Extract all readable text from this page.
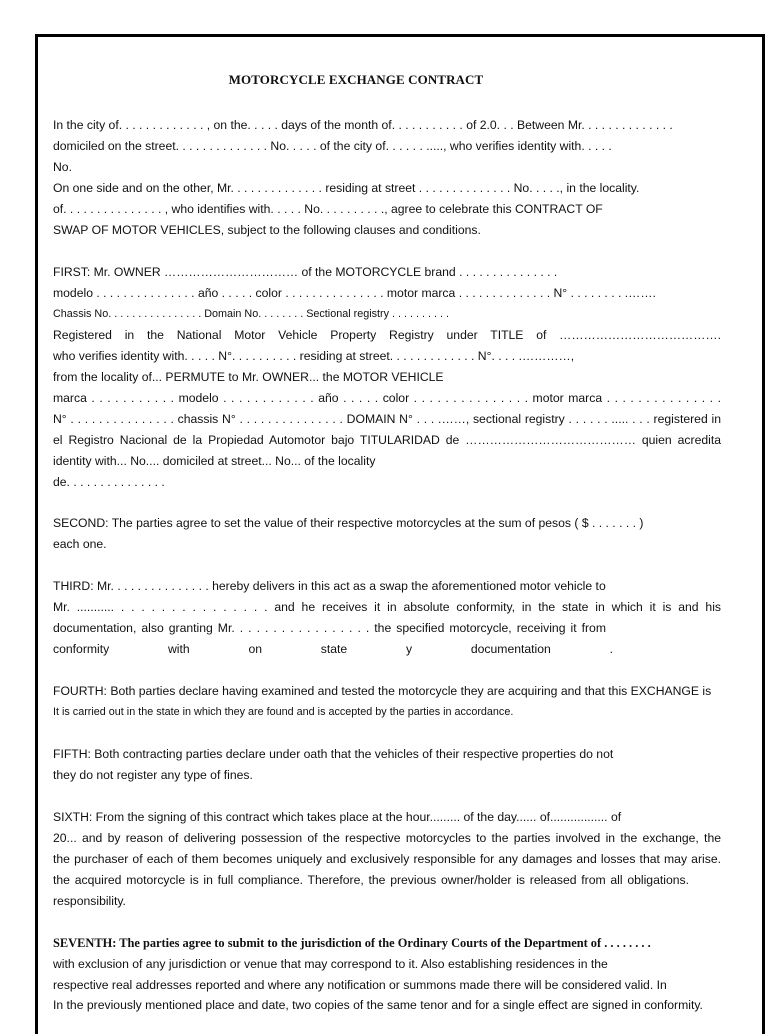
MOTORCYCLE EXCHANGE CONTRACT
In the city of. . . . . . . . . . . . . , on the. . . . . days of the month of. . . . . . . . . . . of 2.0. . . Between Mr. . . . . . . . . . . . . .
domiciled on the street. . . . . . . . . . . . . . No. . . . . of the city of. . . . . . ....., who verifies identity with. . . . .
No.
On one side and on the other, Mr. . . . . . . . . . . . . . residing at street . . . . . . . . . . . . . . No. . . . ., in the locality.
of. . . . . . . . . . . . . . . , who identifies with. . . . . No. . . . . . . . . ., agree to celebrate this CONTRACT OF
SWAP OF MOTOR VEHICLES, subject to the following clauses and conditions.
FIRST: Mr. OWNER …………………………… of the MOTORCYCLE brand . . . . . . . . . . . . . . .
modelo . . . . . . . . . . . . . . . año . . . . . color . . . . . . . . . . . . . . . motor marca . . . . . . . . . . . . . . N° . . . . . . . . .…….
Chassis No. . . . . . . . . . . . . . . . Domain No. . . . . . . . Sectional registry . . . . . . . . . .
Registered in the National Motor Vehicle Property Registry under TITLE of ………………………………….
who verifies identity with. . . . . N°. . . . . . . . . . residing at street. . . . . . . . . . . . . N°. . . . .…………,
from the locality of... PERMUTE to Mr. OWNER... the MOTOR VEHICLE
marca . . . . . . . . . . . modelo . . . . . . . . . . . . año . . . . . color . . . . . . . . . . . . . . . motor marca . . . . . . . . . . . . . . .
N° . . . . . . . . . . . . . . . chassis N° . . . . . . . . . . . . . . . DOMAIN N° . . . .……, sectional registry . . . . . . ..... . . . registered in
el Registro Nacional de la Propiedad Automotor bajo TITULARIDAD de …………………………………… quien acredita
identity with... No.... domiciled at street... No... of the locality
de. . . . . . . . . . . . . . .
SECOND: The parties agree to set the value of their respective motorcycles at the sum of pesos ( $ . . . . . . . )
each one.
THIRD: Mr. . . . . . . . . . . . . . . hereby delivers in this act as a swap the aforementioned motor vehicle to
Mr. ........... . . . . . . . . . . . . . . . and he receives it in absolute conformity, in the state in which it is and his
documentation, also granting Mr. . . . . . . . . . . . . . . . . the specified motorcycle, receiving it from
conformity with on state y documentation .
FOURTH: Both parties declare having examined and tested the motorcycle they are acquiring and that this EXCHANGE is
It is carried out in the state in which they are found and is accepted by the parties in accordance.
FIFTH: Both contracting parties declare under oath that the vehicles of their respective properties do not
they do not register any type of fines.
SIXTH: From the signing of this contract which takes place at the hour......... of the day...... of................. of
20... and by reason of delivering possession of the respective motorcycles to the parties involved in the exchange, the
the purchaser of each of them becomes uniquely and exclusively responsible for any damages and losses that may arise.
the acquired motorcycle is in full compliance. Therefore, the previous owner/holder is released from all obligations.
responsibility.
SEVENTH: The parties agree to submit to the jurisdiction of the Ordinary Courts of the Department of . . . . . . . .
with exclusion of any jurisdiction or venue that may correspond to it. Also establishing residences in the
respective real addresses reported and where any notification or summons made there will be considered valid. In
In the previously mentioned place and date, two copies of the same tenor and for a single effect are signed in conformity.
